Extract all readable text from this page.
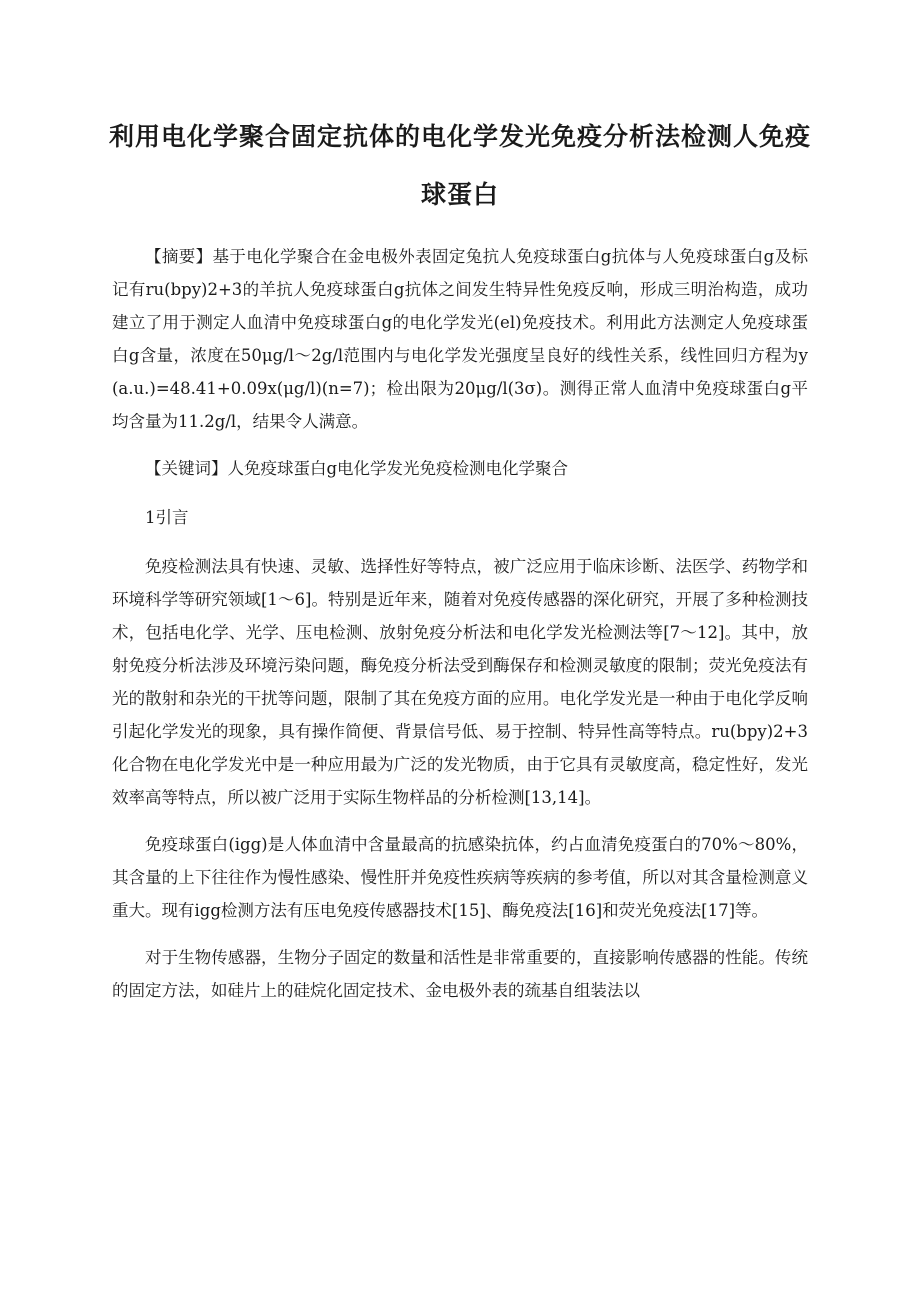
利用电化学聚合固定抗体的电化学发光免疫分析法检测人免疫球蛋白

【摘要】基于电化学聚合在金电极外表固定兔抗人免疫球蛋白g抗体与人免疫球蛋白g及标记有ru(bpy)2+3的羊抗人免疫球蛋白g抗体之间发生特异性免疫反响，形成三明治构造，成功建立了用于测定人血清中免疫球蛋白g的电化学发光(el)免疫技术。利用此方法测定人免疫球蛋白g含量，浓度在50μg/l～2g/l范围内与电化学发光强度呈良好的线性关系，线性回归方程为y(a.u.)=48.41+0.09x(μg/l)(n=7)；检出限为20μg/l(3σ)。测得正常人血清中免疫球蛋白g平均含量为11.2g/l，结果令人满意。

【关键词】人免疫球蛋白g电化学发光免疫检测电化学聚合

1引言

免疫检测法具有快速、灵敏、选择性好等特点，被广泛应用于临床诊断、法医学、药物学和环境科学等研究领域[1～6]。特别是近年来，随着对免疫传感器的深化研究，开展了多种检测技术，包括电化学、光学、压电检测、放射免疫分析法和电化学发光检测法等[7～12]。其中，放射免疫分析法涉及环境污染问题，酶免疫分析法受到酶保存和检测灵敏度的限制；荧光免疫法有光的散射和杂光的干扰等问题，限制了其在免疫方面的应用。电化学发光是一种由于电化学反响引起化学发光的现象，具有操作简便、背景信号低、易于控制、特异性高等特点。ru(bpy)2+3化合物在电化学发光中是一种应用最为广泛的发光物质，由于它具有灵敏度高，稳定性好，发光效率高等特点，所以被广泛用于实际生物样品的分析检测[13,14]。

免疫球蛋白(igg)是人体血清中含量最高的抗感染抗体，约占血清免疫蛋白的70%～80%，其含量的上下往往作为慢性感染、慢性肝并免疫性疾病等疾病的参考值，所以对其含量检测意义重大。现有igg检测方法有压电免疫传感器技术[15]、酶免疫法[16]和荧光免疫法[17]等。

对于生物传感器，生物分子固定的数量和活性是非常重要的，直接影响传感器的性能。传统的固定方法，如硅片上的硅烷化固定技术、金电极外表的巯基自组装法以
